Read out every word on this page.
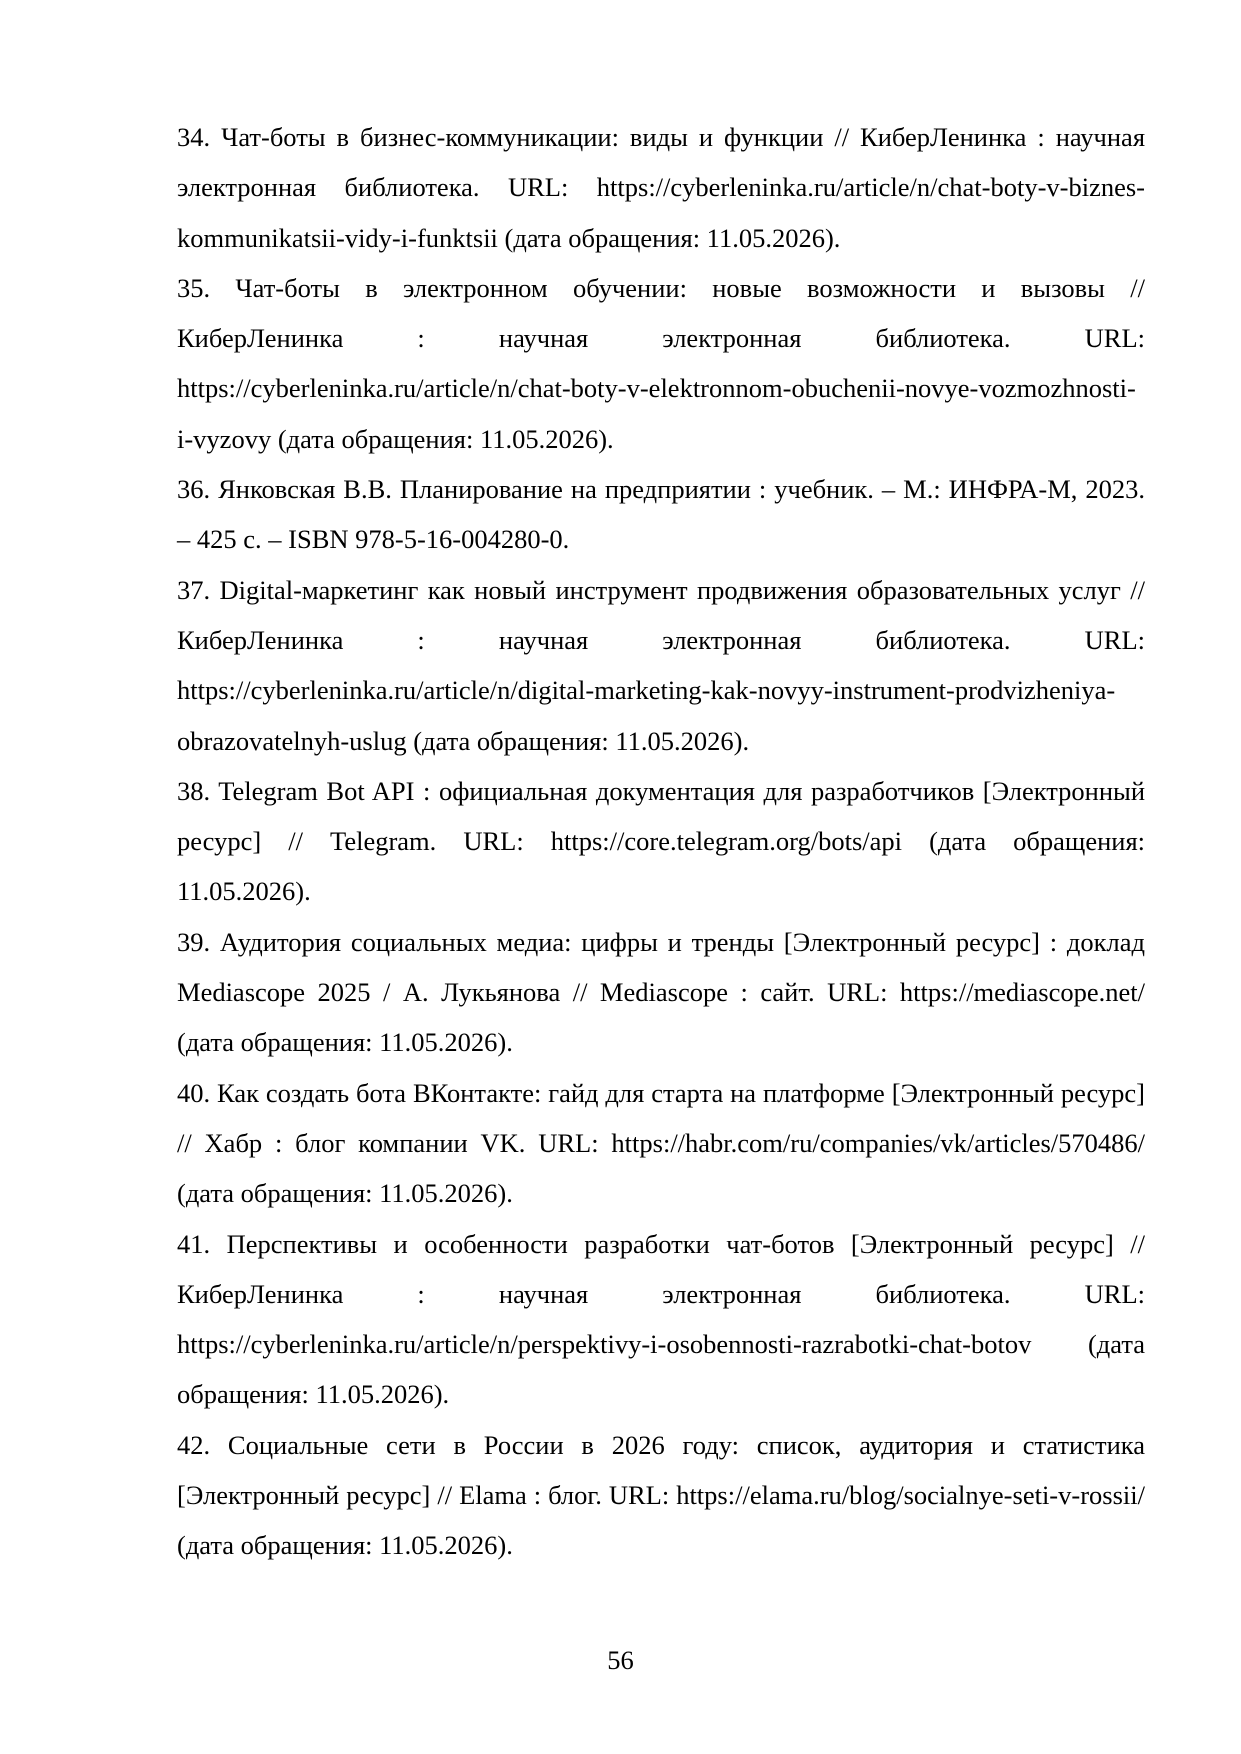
34. Чат-боты в бизнес-коммуникации: виды и функции // КиберЛенинка : научная электронная библиотека. URL: https://cyberleninka.ru/article/n/chat-boty-v-biznes-kommunikatsii-vidy-i-funktsii (дата обращения: 11.05.2026).
35. Чат-боты в электронном обучении: новые возможности и вызовы // КиберЛенинка : научная электронная библиотека. URL: https://cyberleninka.ru/article/n/chat-boty-v-elektronnom-obuchenii-novye-vozmozhnosti-i-vyzovy (дата обращения: 11.05.2026).
36. Янковская В.В. Планирование на предприятии : учебник. – М.: ИНФРА-М, 2023. – 425 с. – ISBN 978-5-16-004280-0.
37. Digital-маркетинг как новый инструмент продвижения образовательных услуг // КиберЛенинка : научная электронная библиотека. URL: https://cyberleninka.ru/article/n/digital-marketing-kak-novyy-instrument-prodvizheniya-obrazovatelnyh-uslug (дата обращения: 11.05.2026).
38. Telegram Bot API : официальная документация для разработчиков [Электронный ресурс] // Telegram. URL: https://core.telegram.org/bots/api (дата обращения: 11.05.2026).
39. Аудитория социальных медиа: цифры и тренды [Электронный ресурс] : доклад Mediascope 2025 / А. Лукьянова // Mediascope : сайт. URL: https://mediascope.net/ (дата обращения: 11.05.2026).
40. Как создать бота ВКонтакте: гайд для старта на платформе [Электронный ресурс] // Хабр : блог компании VK. URL: https://habr.com/ru/companies/vk/articles/570486/ (дата обращения: 11.05.2026).
41. Перспективы и особенности разработки чат-ботов [Электронный ресурс] // КиберЛенинка : научная электронная библиотека. URL: https://cyberleninka.ru/article/n/perspektivy-i-osobennosti-razrabotki-chat-botov (дата обращения: 11.05.2026).
42. Социальные сети в России в 2026 году: список, аудитория и статистика [Электронный ресурс] // Elama : блог. URL: https://elama.ru/blog/socialnye-seti-v-rossii/ (дата обращения: 11.05.2026).
56
